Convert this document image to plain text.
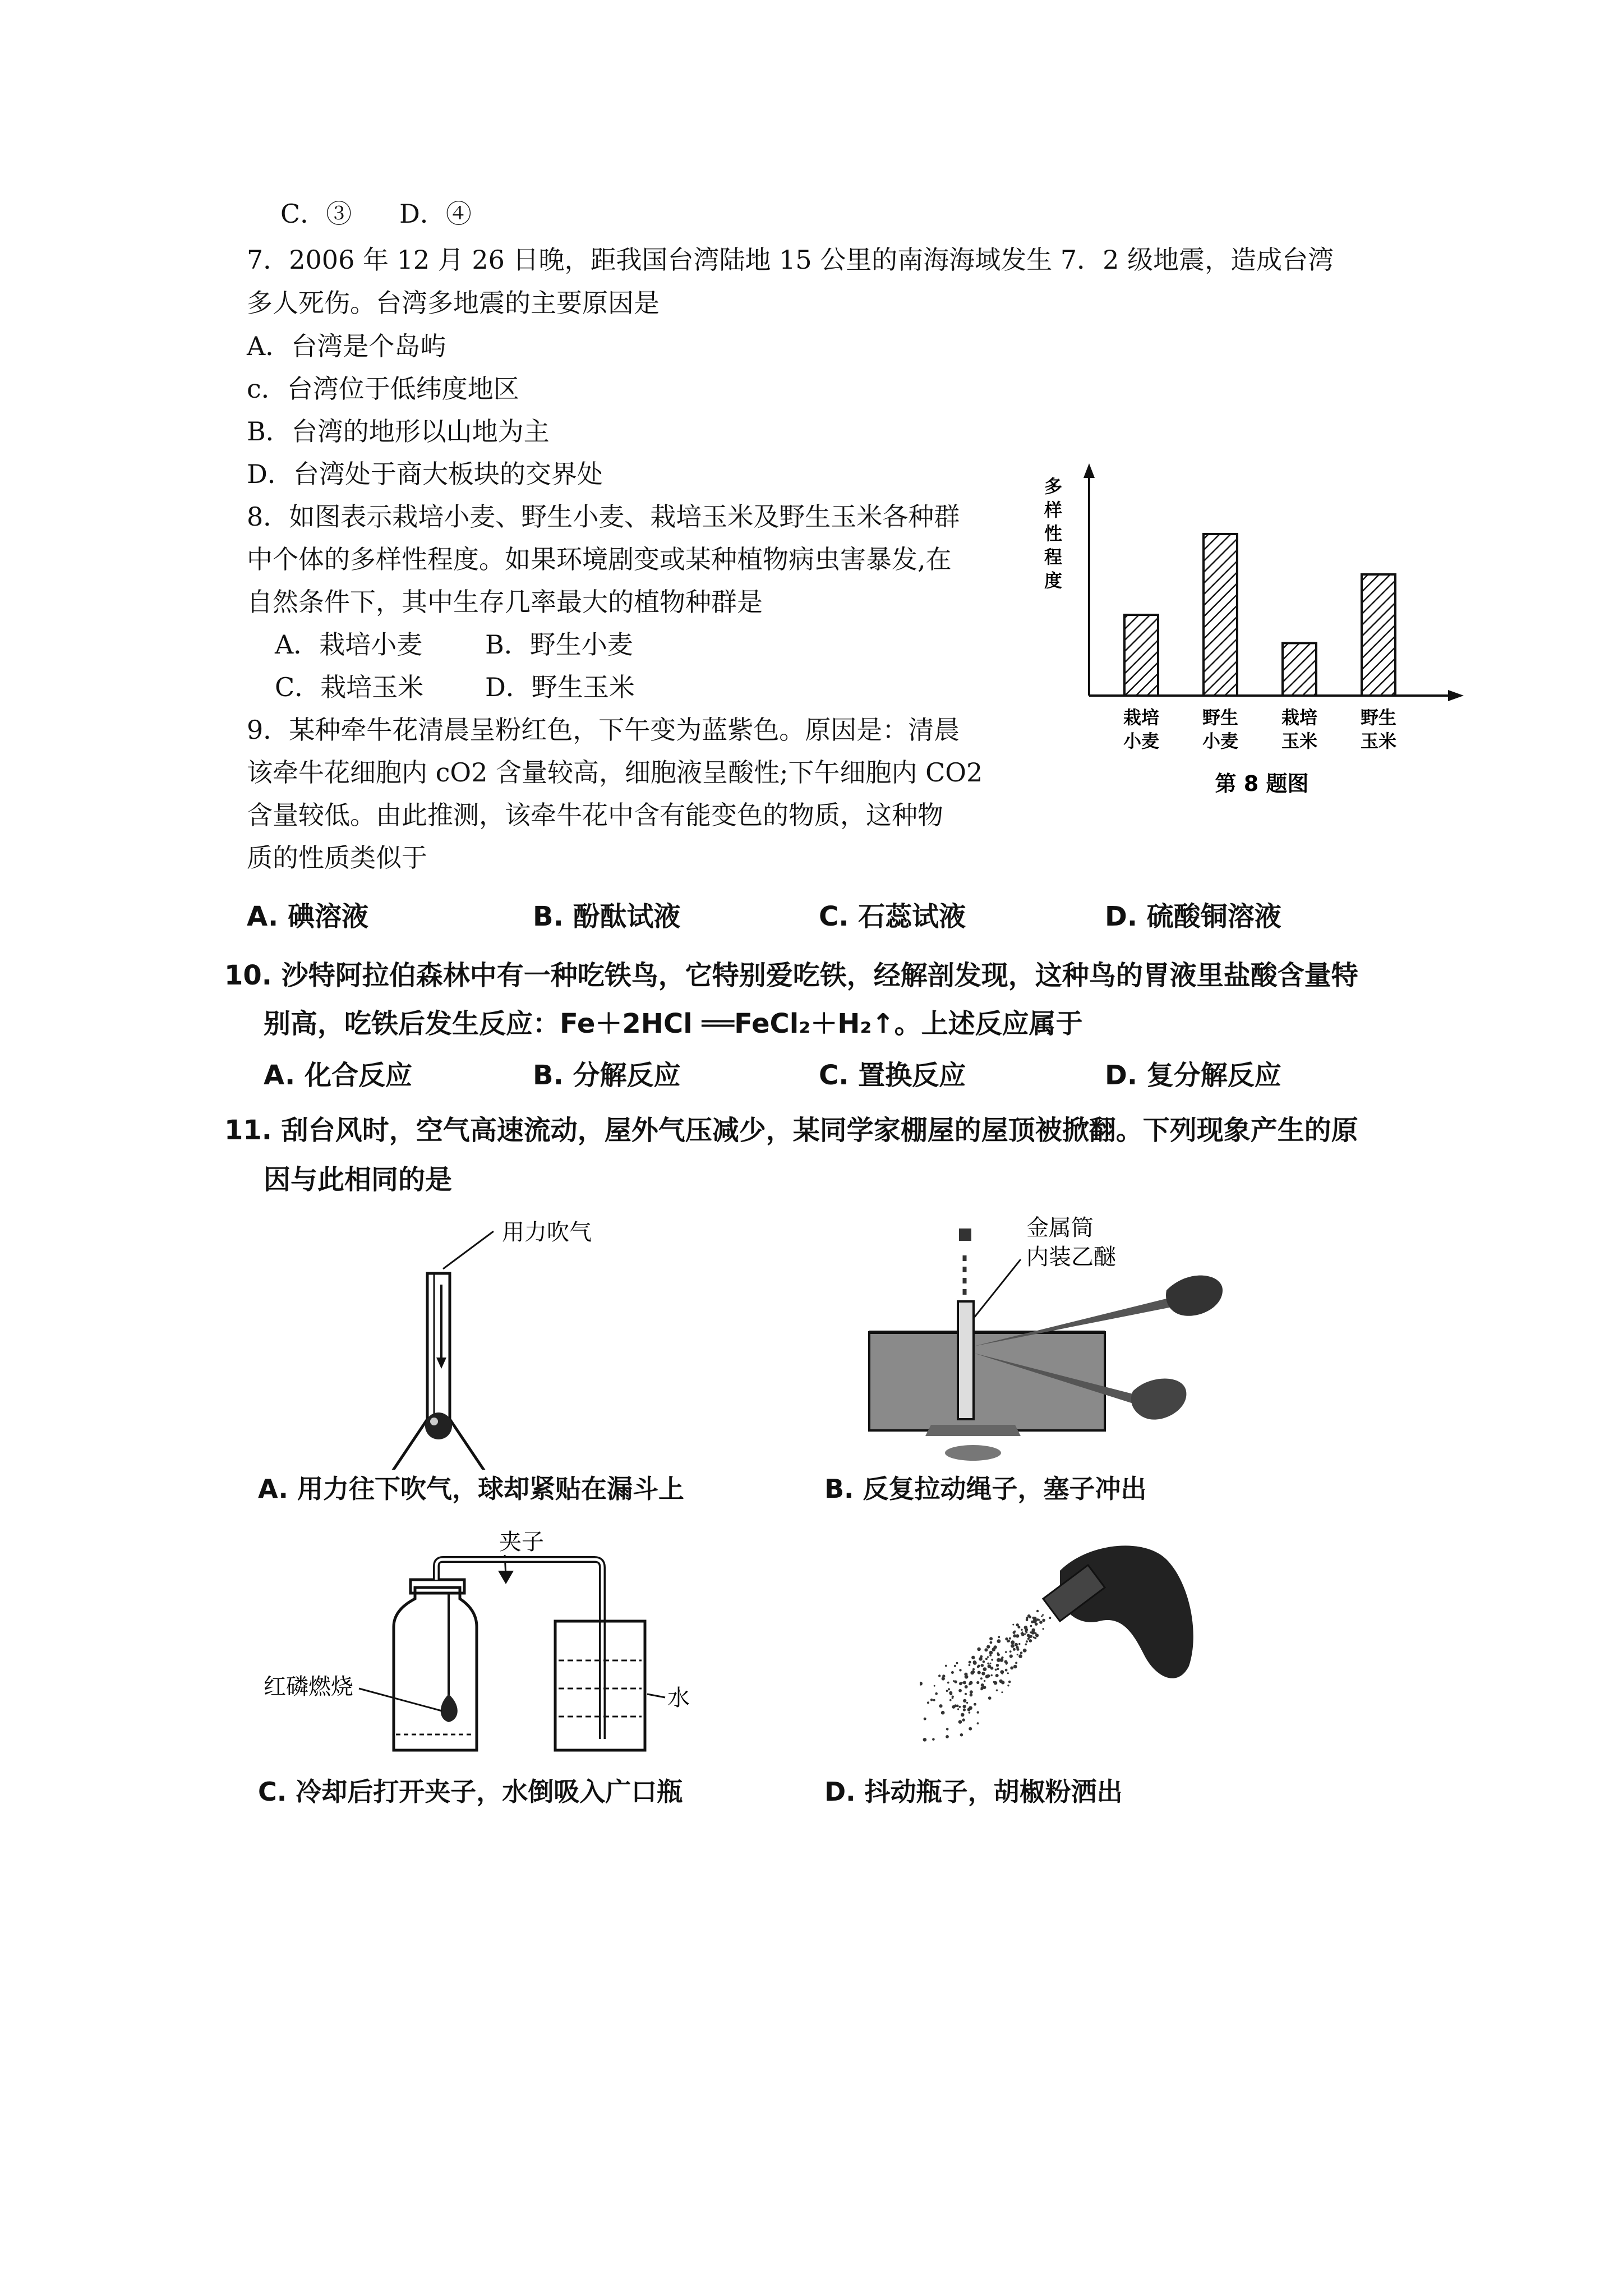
C．③ D．④
7．2006 年 12 月 26 日晚，距我国台湾陆地 15 公里的南海海域发生 7．2 级地震，造成台湾
多人死伤。台湾多地震的主要原因是
A．台湾是个岛屿
c．台湾位于低纬度地区
B．台湾的地形以山地为主
D．台湾处于商大板块的交界处
8．如图表示栽培小麦、野生小麦、栽培玉米及野生玉米各种群
中个体的多样性程度。如果环境剧变或某种植物病虫害暴发,在
自然条件下，其中生存几率最大的植物种群是
A．栽培小麦 B．野生小麦
C．栽培玉米 D．野生玉米
多
样
性
程
度
栽培
小麦
野生
小麦
栽培
玉米
野生
玉米
第 8 题图
9．某种牵牛花清晨呈粉红色，下午变为蓝紫色。原因是：清晨
该牵牛花细胞内 cO2 含量较高，细胞液呈酸性;下午细胞内 CO2
含量较低。由此推测，该牵牛花中含有能变色的物质，这种物
质的性质类似于
A. 碘溶液	B. 酚酞试液	C. 石蕊试液	D. 硫酸铜溶液
10. 沙特阿拉伯森林中有一种吃铁鸟，它特别爱吃铁，经解剖发现，这种鸟的胃液里盐酸含量特
别高，吃铁后发生反应：Fe＋2HCl ══FeCl₂＋H₂↑。上述反应属于
A. 化合反应	B. 分解反应	C. 置换反应	D. 复分解反应
11. 刮台风时，空气高速流动，屋外气压减少，某同学家棚屋的屋顶被掀翻。下列现象产生的原
因与此相同的是
用力吹气	金属筒
内装乙醚
A. 用力往下吹气，球却紧贴在漏斗上	B. 反复拉动绳子，塞子冲出
夹子
红磷燃烧	水
C. 冷却后打开夹子，水倒吸入广口瓶	D. 抖动瓶子，胡椒粉洒出
